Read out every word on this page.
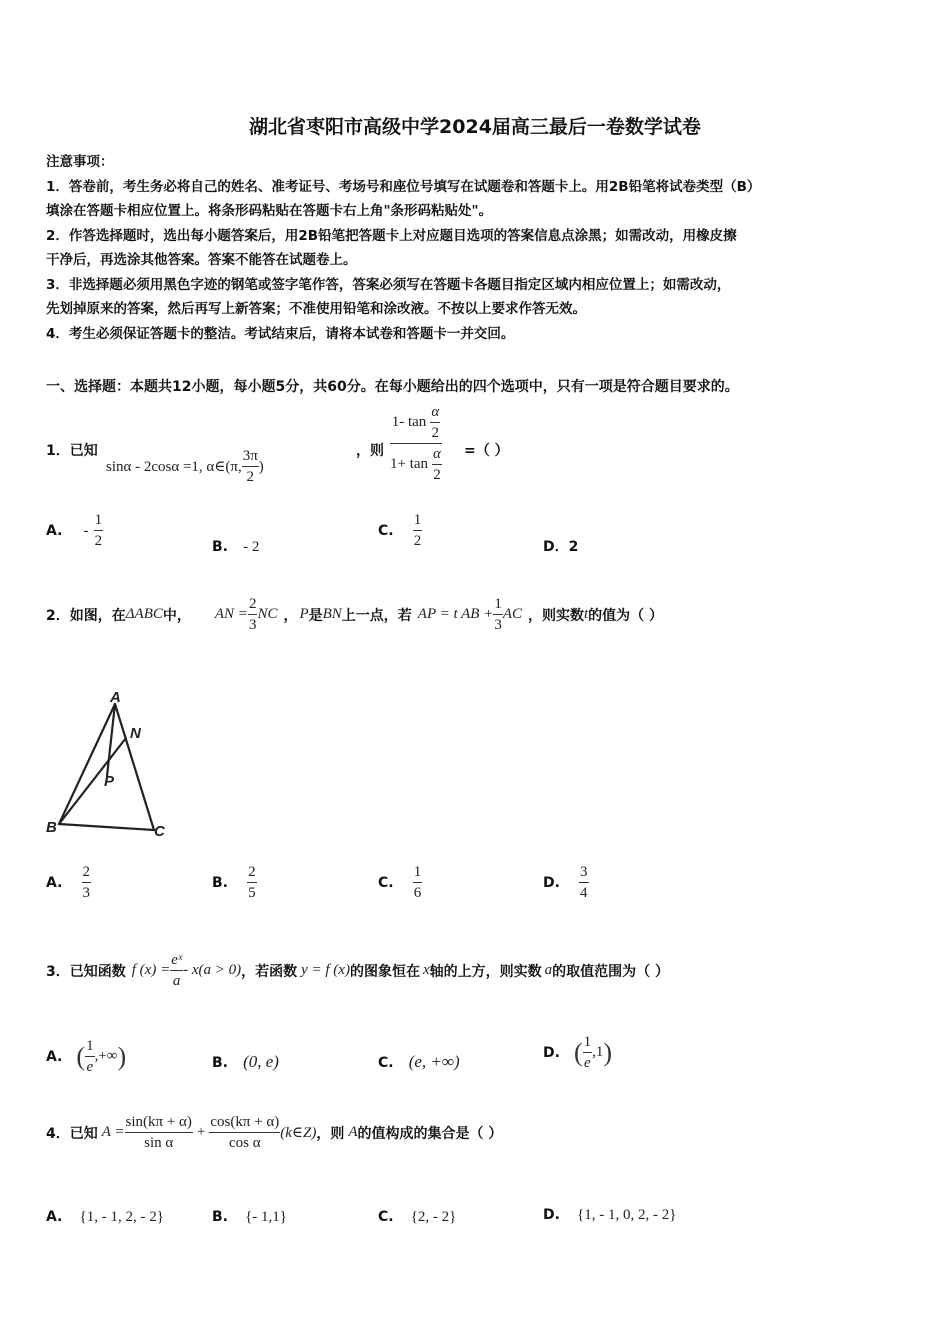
湖北省枣阳市高级中学2024届高三最后一卷数学试卷
注意事项：
1．答卷前，考生务必将自己的姓名、准考证号、考场号和座位号填写在试题卷和答题卡上。用2B铅笔将试卷类型（B）
填涂在答题卡相应位置上。将条形码粘贴在答题卡右上角"条形码粘贴处"。
2．作答选择题时，选出每小题答案后，用2B铅笔把答题卡上对应题目选项的答案信息点涂黑；如需改动，用橡皮擦
干净后，再选涂其他答案。答案不能答在试题卷上。
3．非选择题必须用黑色字迹的钢笔或签字笔作答，答案必须写在答题卡各题目指定区域内相应位置上；如需改动，
先划掉原来的答案，然后再写上新答案；不准使用铅笔和涂改液。不按以上要求作答无效。
4．考生必须保证答题卡的整洁。考试结束后，请将本试卷和答题卡一并交回。
一、选择题：本题共12小题，每小题5分，共60分。在每小题给出的四个选项中，只有一项是符合题目要求的。
1．已知
sinα - 2cosα =1, α∈(π, $\frac{3\pi}{2}$ )
，则 $\frac{1- \tan \frac{\alpha}{2}}{1+ \tan \frac{\alpha}{2}}$ =（ ）
A. - $\frac{1}{2}$	B. - 2
C. $\frac{1}{2}$	D．2
2．如图，在 ΔABC 中， AN = $\frac{2}{3}$ NC ， P 是 BN 上一点，若 AP = t AB + $\frac{1}{3}$ AC ，则实数 t 的值为（ ）
A
N
P
B	C
A. $\frac{2}{3}$	B. $\frac{2}{5}$	C. $\frac{1}{6}$	D. $\frac{3}{4}$
3．已知函数 f $(x) = \frac{\text{eˣ}}{a} - x(a > 0)$ ，若函数 y = f (x) 的图象恒在 x 轴的上方，则实数 a 的取值范围为（ ）
A. ( $\frac{1}{e}$ ,+∞ )	B. (0, e)	C. (e, +∞)	D. ( $\frac{1}{e} ,1$ )
4．已知 $A = \frac{\sin(k\pi + \alpha)}{\text{sin α}} + \frac{\cos(k\pi + \alpha)}{\text{cos α}}$ (k∈Z) ，则 A 的值构成的集合是（ ）
A. {1, - 1, 2, - 2}	B. {- 1,1}	C. {2, - 2}	D. {1, - 1, 0, 2, - 2}
